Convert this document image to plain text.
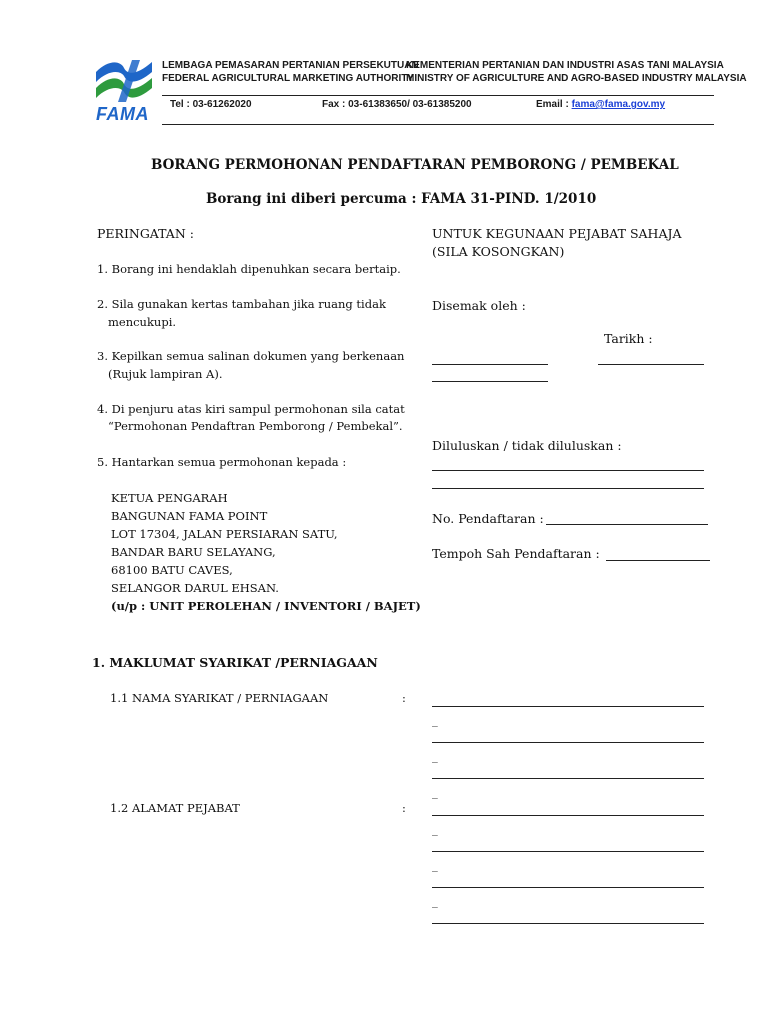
FAMA
LEMBAGA PEMASARAN PERTANIAN PERSEKUTUAN
FEDERAL AGRICULTURAL MARKETING AUTHORITY
KEMENTERIAN PERTANIAN DAN INDUSTRI ASAS TANI MALAYSIA
MINISTRY OF AGRICULTURE AND AGRO-BASED INDUSTRY MALAYSIA
Tel : 03-61262020	Fax : 03-61383650/ 03-61385200	Email : fama@fama.gov.my
BORANG PERMOHONAN PENDAFTARAN PEMBORONG / PEMBEKAL
Borang ini diberi percuma : FAMA 31-PIND. 1/2010
PERINGATAN :
1. Borang ini hendaklah dipenuhkan secara bertaip.
2. Sila gunakan kertas tambahan jika ruang tidak
mencukupi.
3. Kepilkan semua salinan dokumen yang berkenaan
(Rujuk lampiran A).
4. Di penjuru atas kiri sampul permohonan sila catat
“Permohonan Pendaftran Pemborong / Pembekal”.
5. Hantarkan semua permohonan kepada :
KETUA PENGARAH
BANGUNAN FAMA POINT
LOT 17304, JALAN PERSIARAN SATU,
BANDAR BARU SELAYANG,
68100 BATU CAVES,
SELANGOR DARUL EHSAN.
(u/p : UNIT PEROLEHAN / INVENTORI / BAJET)
UNTUK KEGUNAAN PEJABAT SAHAJA
(SILA KOSONGKAN)
Disemak oleh :
Tarikh :
Diluluskan / tidak diluluskan :
No. Pendaftaran :
Tempoh Sah Pendaftaran :
1. MAKLUMAT SYARIKAT /PERNIAGAAN
1.1 NAMA SYARIKAT / PERNIAGAAN	:
_
_
_
1.2 ALAMAT PEJABAT	:
_
_
_
